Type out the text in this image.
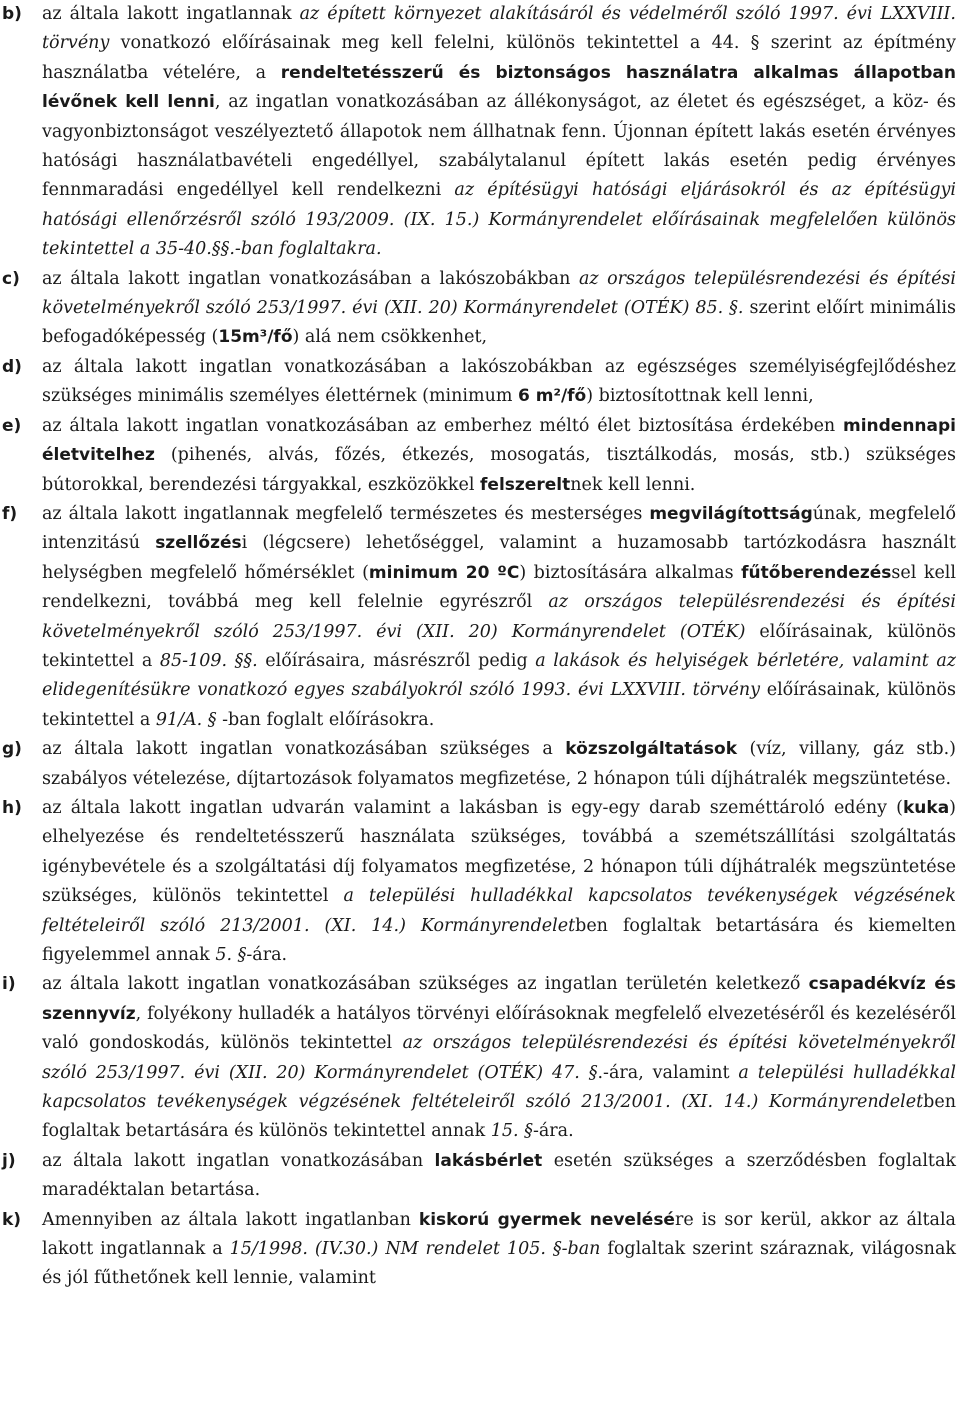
b)	az általa lakott ingatlannak az épített környezet alakításáról és védelméről szóló 1997. évi LXXVIII. törvény vonatkozó előírásainak meg kell felelni, különös tekintettel a 44. § szerint az építmény használatba vételére, a rendeltetésszerű és biztonságos használatra alkalmas állapotban lévőnek kell lenni, az ingatlan vonatkozásában az állékonyságot, az életet és egészséget, a köz- és vagyonbiztonságot veszélyeztető állapotok nem állhatnak fenn. Újonnan épített lakás esetén érvényes hatósági használatbavételi engedéllyel, szabálytalanul épített lakás esetén pedig érvényes fennmaradási engedéllyel kell rendelkezni az építésügyi hatósági eljárásokról és az építésügyi hatósági ellenőrzésről szóló 193/2009. (IX. 15.) Kormányrendelet előírásainak megfelelően különös tekintettel a 35-40.§§.-ban foglaltakra.
c)	az általa lakott ingatlan vonatkozásában a lakószobákban az országos településrendezési és építési követelményekről szóló 253/1997. évi (XII. 20) Kormányrendelet (OTÉK) 85. §. szerint előírt minimális befogadóképesség (15m³/fő) alá nem csökkenhet,
d)	az általa lakott ingatlan vonatkozásában a lakószobákban az egészséges személyiségfejlődéshez szükséges minimális személyes élettérnek (minimum 6 m²/fő) biztosítottnak kell lenni,
e)	az általa lakott ingatlan vonatkozásában az emberhez méltó élet biztosítása érdekében mindennapi életvitelhez (pihenés, alvás, főzés, étkezés, mosogatás, tisztálkodás, mosás, stb.) szükséges bútorokkal, berendezési tárgyakkal, eszközökkel felszereltnek kell lenni.
f)	az általa lakott ingatlannak megfelelő természetes és mesterséges megvilágítottságúnak, megfelelő intenzitású szellőzési (légcsere) lehetőséggel, valamint a huzamosabb tartózkodásra használt helységben megfelelő hőmérséklet (minimum 20 ºC) biztosítására alkalmas fűtőberendezéssel kell rendelkezni, továbbá meg kell felelnie egyrészről az országos településrendezési és építési követelményekről szóló 253/1997. évi (XII. 20) Kormányrendelet (OTÉK) előírásainak, különös tekintettel a 85-109. §§. előírásaira, másrészről pedig a lakások és helyiségek bérletére, valamint az elidegenítésükre vonatkozó egyes szabályokról szóló 1993. évi LXXVIII. törvény előírásainak, különös tekintettel a 91/A. § -ban foglalt előírásokra.
g)	az általa lakott ingatlan vonatkozásában szükséges a közszolgáltatások (víz, villany, gáz stb.) szabályos vételezése, díjtartozások folyamatos megfizetése, 2 hónapon túli díjhátralék megszüntetése.
h)	az általa lakott ingatlan udvarán valamint a lakásban is egy-egy darab szeméttároló edény (kuka) elhelyezése és rendeltetésszerű használata szükséges, továbbá a szemétszállítási szolgáltatás igénybevétele és a szolgáltatási díj folyamatos megfizetése, 2 hónapon túli díjhátralék megszüntetése szükséges, különös tekintettel a települési hulladékkal kapcsolatos tevékenységek végzésének feltételeiről szóló 213/2001. (XI. 14.) Kormányrendeletben foglaltak betartására és kiemelten figyelemmel annak 5. §-ára.
i)	az általa lakott ingatlan vonatkozásában szükséges az ingatlan területén keletkező csapadékvíz és szennyvíz, folyékony hulladék a hatályos törvényi előírásoknak megfelelő elvezetéséről és kezeléséről való gondoskodás, különös tekintettel az országos településrendezési és építési követelményekről szóló 253/1997. évi (XII. 20) Kormányrendelet (OTÉK) 47. §.-ára, valamint a települési hulladékkal kapcsolatos tevékenységek végzésének feltételeiről szóló 213/2001. (XI. 14.) Kormányrendeletben foglaltak betartására és különös tekintettel annak 15. §-ára.
j)	az általa lakott ingatlan vonatkozásában lakásbérlet esetén szükséges a szerződésben foglaltak maradéktalan betartása.
k)	Amennyiben az általa lakott ingatlanban kiskorú gyermek nevelésére is sor kerül, akkor az általa lakott ingatlannak a 15/1998. (IV.30.) NM rendelet 105. §-ban foglaltak szerint száraznak, világosnak és jól fűthetőnek kell lennie, valamint
